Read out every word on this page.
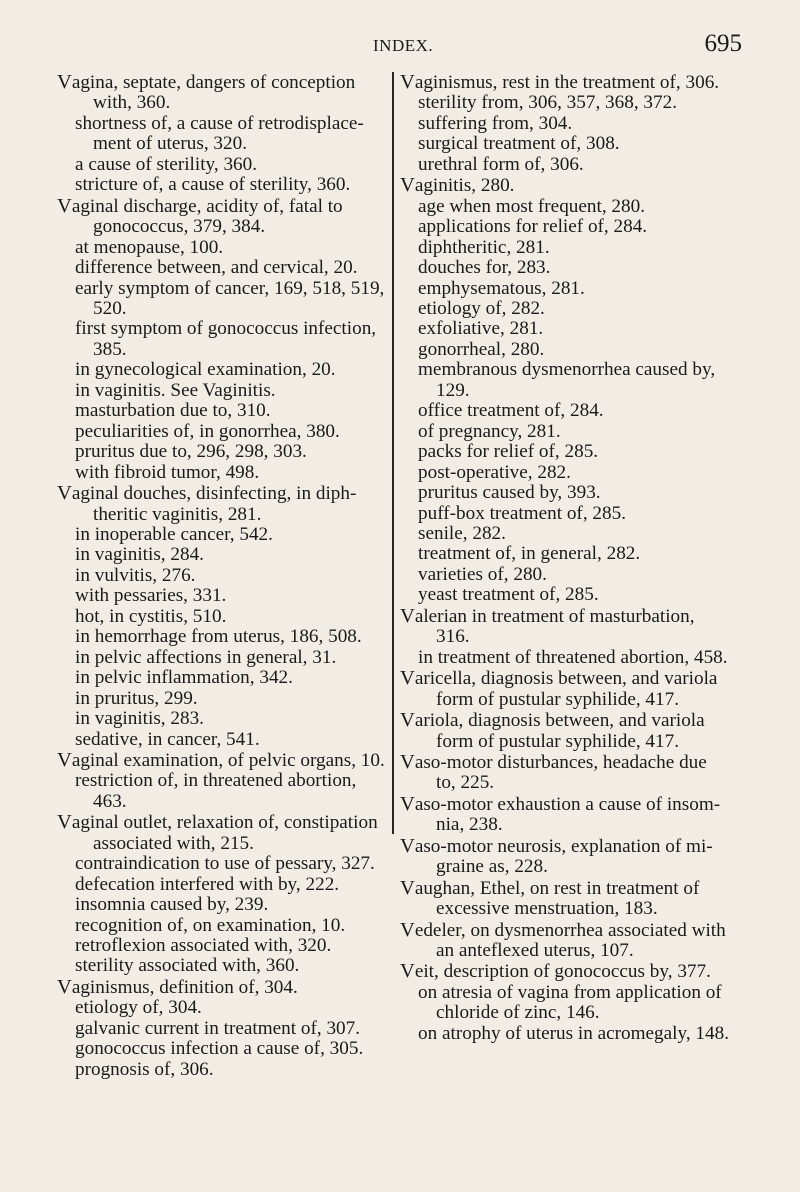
INDEX.	695
Vagina, septate, dangers of conception with, 360.
shortness of, a cause of retrodisplace-ment of uterus, 320.
a cause of sterility, 360.
stricture of, a cause of sterility, 360.
Vaginal discharge, acidity of, fatal to gonococcus, 379, 384.
at menopause, 100.
difference between, and cervical, 20.
early symptom of cancer, 169, 518, 519, 520.
first symptom of gonococcus infection, 385.
in gynecological examination, 20.
in vaginitis. See Vaginitis.
masturbation due to, 310.
peculiarities of, in gonorrhea, 380.
pruritus due to, 296, 298, 303.
with fibroid tumor, 498.
Vaginal douches, disinfecting, in diph-theritic vaginitis, 281.
in inoperable cancer, 542.
in vaginitis, 284.
in vulvitis, 276.
with pessaries, 331.
hot, in cystitis, 510.
in hemorrhage from uterus, 186, 508.
in pelvic affections in general, 31.
in pelvic inflammation, 342.
in pruritus, 299.
in vaginitis, 283.
sedative, in cancer, 541.
Vaginal examination, of pelvic organs, 10.
restriction of, in threatened abortion, 463.
Vaginal outlet, relaxation of, constipation associated with, 215.
contraindication to use of pessary, 327.
defecation interfered with by, 222.
insomnia caused by, 239.
recognition of, on examination, 10.
retroflexion associated with, 320.
sterility associated with, 360.
Vaginismus, definition of, 304.
etiology of, 304.
galvanic current in treatment of, 307.
gonococcus infection a cause of, 305.
prognosis of, 306.
Vaginismus, rest in the treatment of, 306.
sterility from, 306, 357, 368, 372.
suffering from, 304.
surgical treatment of, 308.
urethral form of, 306.
Vaginitis, 280.
age when most frequent, 280.
applications for relief of, 284.
diphtheritic, 281.
douches for, 283.
emphysematous, 281.
etiology of, 282.
exfoliative, 281.
gonorrheal, 280.
membranous dysmenorrhea caused by, 129.
office treatment of, 284.
of pregnancy, 281.
packs for relief of, 285.
post-operative, 282.
pruritus caused by, 393.
puff-box treatment of, 285.
senile, 282.
treatment of, in general, 282.
varieties of, 280.
yeast treatment of, 285.
Valerian in treatment of masturbation, 316.
in treatment of threatened abortion, 458.
Varicella, diagnosis between, and variola form of pustular syphilide, 417.
Variola, diagnosis between, and variola form of pustular syphilide, 417.
Vaso-motor disturbances, headache due to, 225.
Vaso-motor exhaustion a cause of insom-nia, 238.
Vaso-motor neurosis, explanation of mi-graine as, 228.
Vaughan, Ethel, on rest in treatment of excessive menstruation, 183.
Vedeler, on dysmenorrhea associated with an anteflexed uterus, 107.
Veit, description of gonococcus by, 377.
on atresia of vagina from application of chloride of zinc, 146.
on atrophy of uterus in acromegaly, 148.
